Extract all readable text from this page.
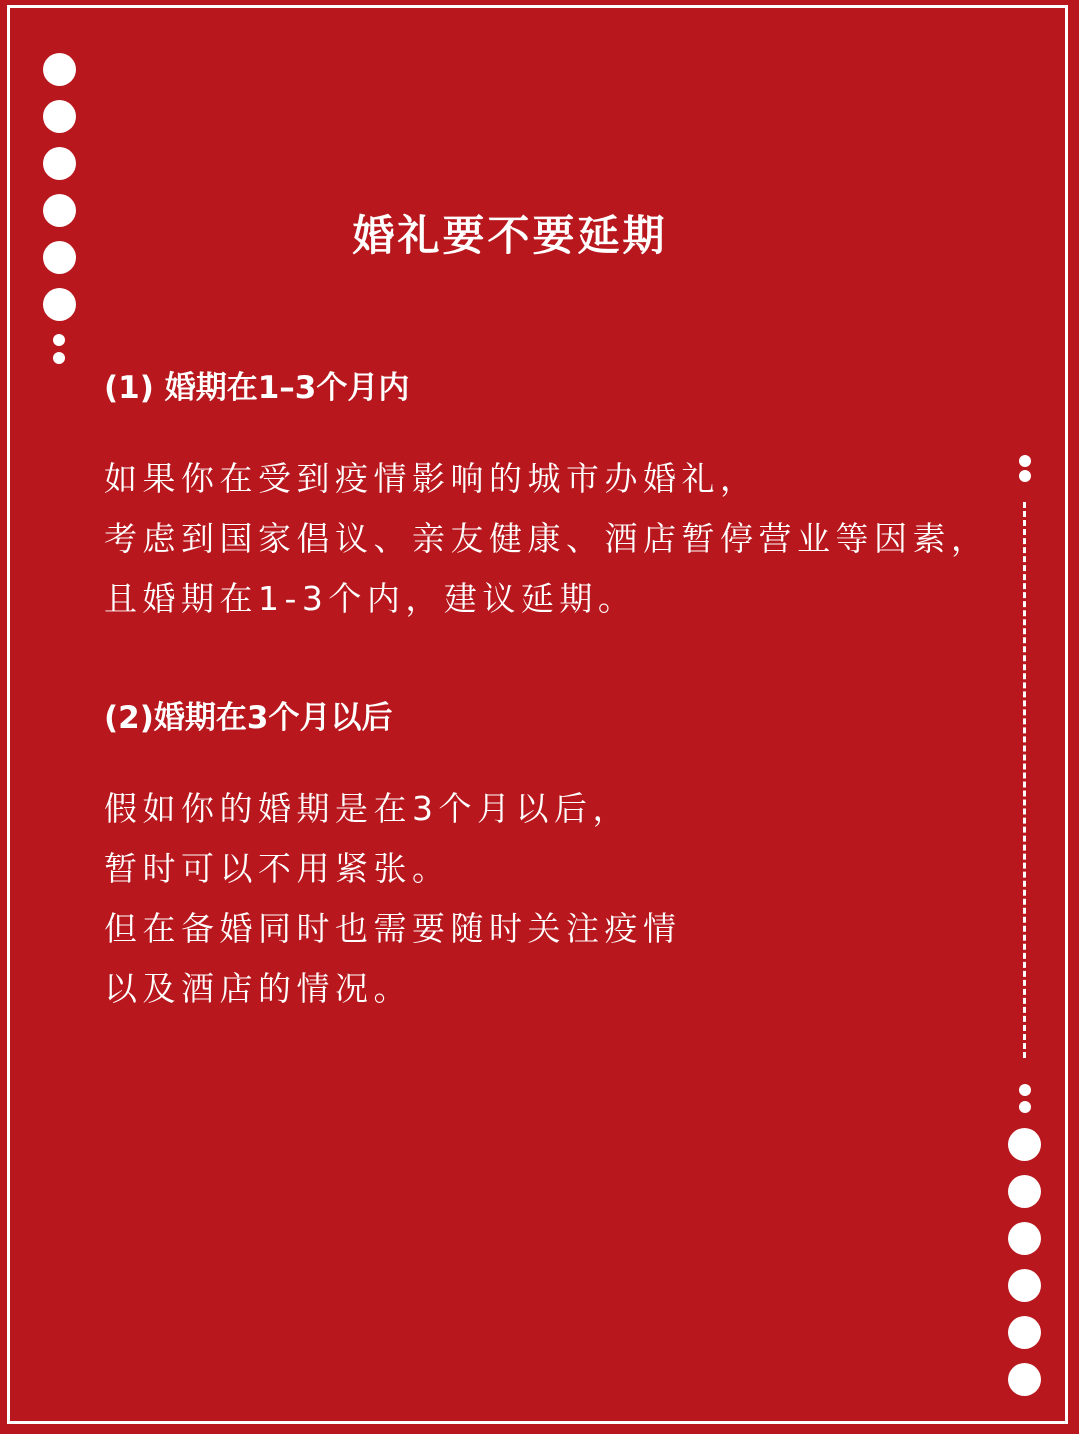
婚礼要不要延期
(1) 婚期在1–3个月内

如果你在受到疫情影响的城市办婚礼，
考虑到国家倡议、亲友健康、酒店暂停营业等因素，
且婚期在1-3个内，建议延期。

(2)婚期在3个月以后

假如你的婚期是在3个月以后，
暂时可以不用紧张。
但在备婚同时也需要随时关注疫情
以及酒店的情况。
